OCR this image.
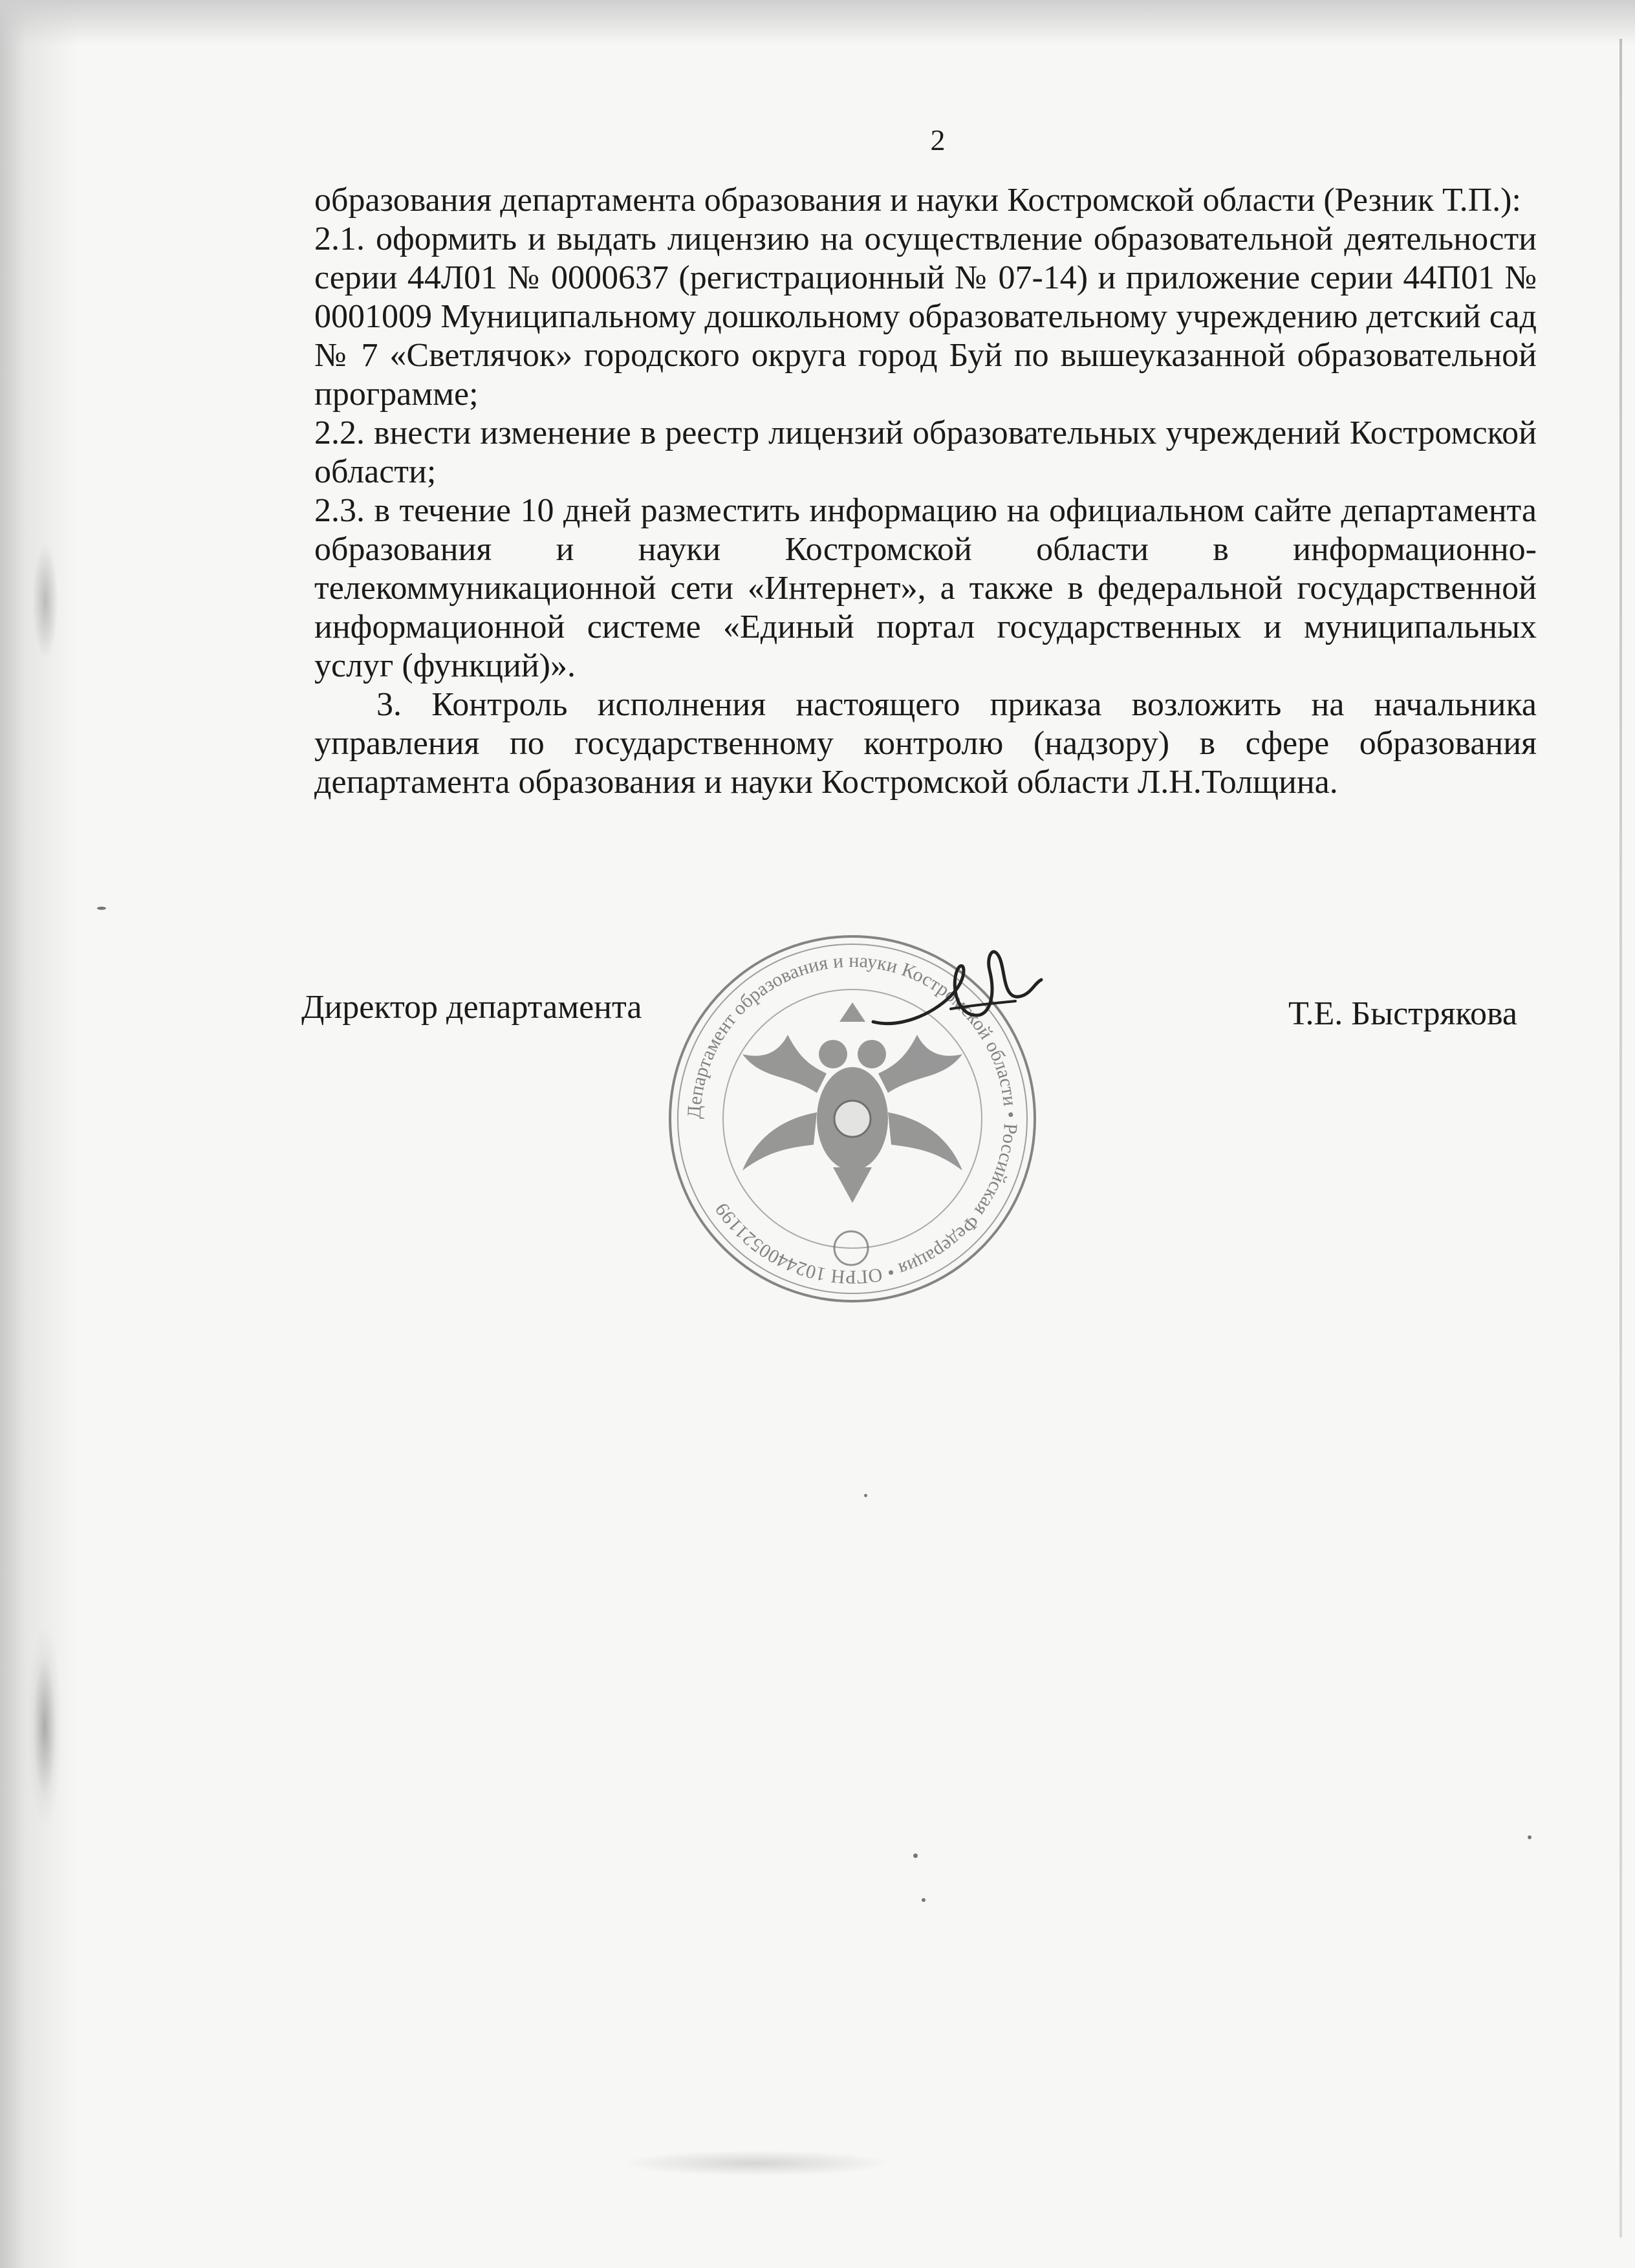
2

образования департамента образования и науки Костромской области (Резник Т.П.):

2.1. оформить и выдать лицензию на осуществление образовательной деятельности серии 44Л01 № 0000637 (регистрационный № 07-14) и приложение серии 44П01 № 0001009 Муниципальному дошкольному образовательному учреждению детский сад № 7 «Светлячок» городского округа город Буй по вышеуказанной образовательной программе;

2.2. внести изменение в реестр лицензий образовательных учреждений Костромской области;

2.3. в течение 10 дней разместить информацию на официальном сайте департамента образования и науки Костромской области в информационно-телекоммуникационной сети «Интернет», а также в федеральной государственной информационной системе «Единый портал государственных и муниципальных услуг (функций)».

3. Контроль исполнения настоящего приказа возложить на начальника управления по государственному контролю (надзору) в сфере образования департамента образования и науки Костромской области Л.Н.Толщина.

Департамент образования и науки Костромской области • Российская Федерация • ОГРН 1024400521199
Директор департамента	Т.Е. Быстрякова
